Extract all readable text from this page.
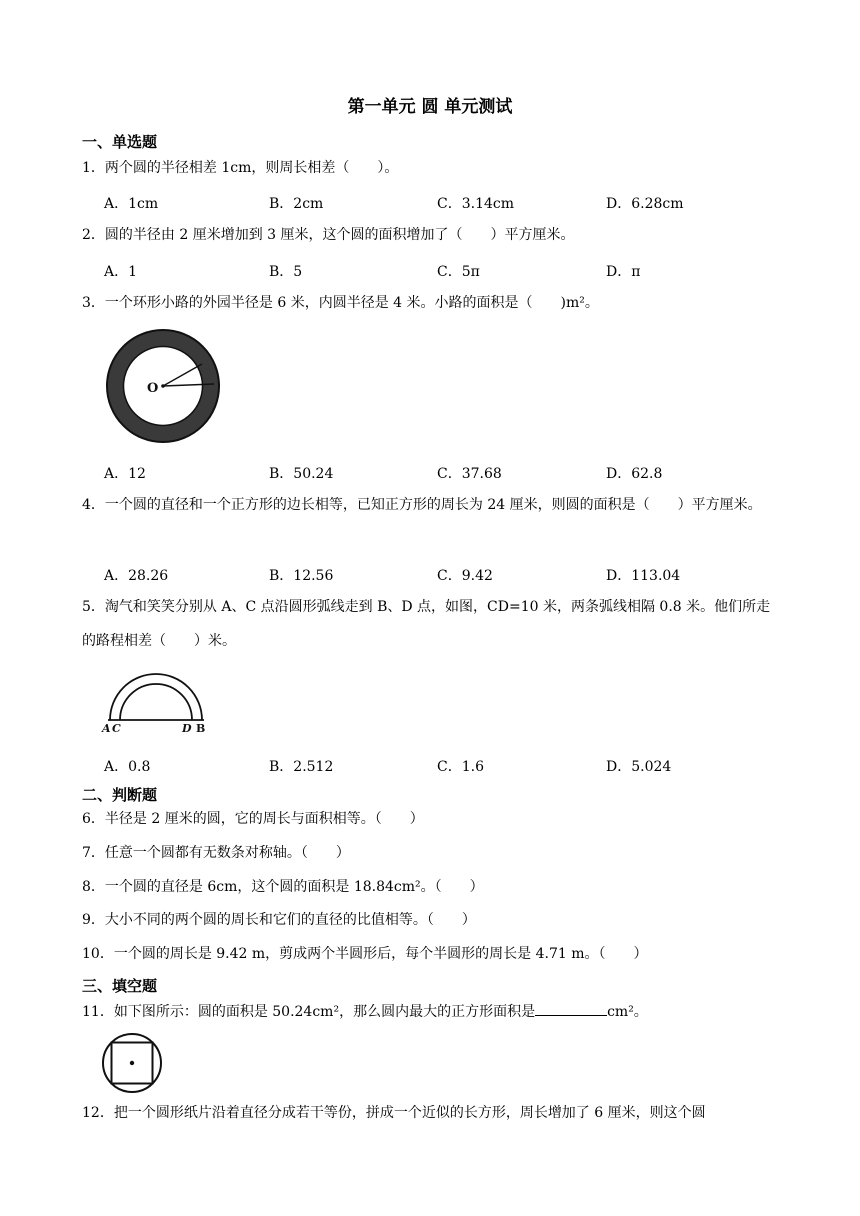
第一单元 圆 单元测试
一、单选题
1．两个圆的半径相差 1cm，则周长相差（　　）。
A．1cm	B．2cm	C．3.14cm	D．6.28cm
2．圆的半径由 2 厘米增加到 3 厘米，这个圆的面积增加了（　　）平方厘米。
A．1	B．5	C．5π	D．π
3．一个环形小路的外园半径是 6 米，内圆半径是 4 米。小路的面积是（　　)m²。
O
A．12	B．50.24	C．37.68	D．62.8
4．一个圆的直径和一个正方形的边长相等，已知正方形的周长为 24 厘米，则圆的面积是（　　）平方厘米。
A．28.26	B．12.56	C．9.42	D．113.04
5．淘气和笑笑分别从 A、C 点沿圆形弧线走到 B、D 点，如图，CD=10 米，两条弧线相隔 0.8 米。他们所走的路程相差（　　）米。
A C	D B
A．0.8	B．2.512	C．1.6	D．5.024
二、判断题
6．半径是 2 厘米的圆，它的周长与面积相等。（　　）
7．任意一个圆都有无数条对称轴。（　　）
8．一个圆的直径是 6cm，这个圆的面积是 18.84cm²。（　　）
9．大小不同的两个圆的周长和它们的直径的比值相等。（　　）
10．一个圆的周长是 9.42 m，剪成两个半圆形后，每个半圆形的周长是 4.71 m。（　　）
三、填空题
11．如下图所示：圆的面积是 50.24cm²，那么圆内最大的正方形面积是	cm²。
12．把一个圆形纸片沿着直径分成若干等份，拼成一个近似的长方形，周长增加了 6 厘米，则这个圆
